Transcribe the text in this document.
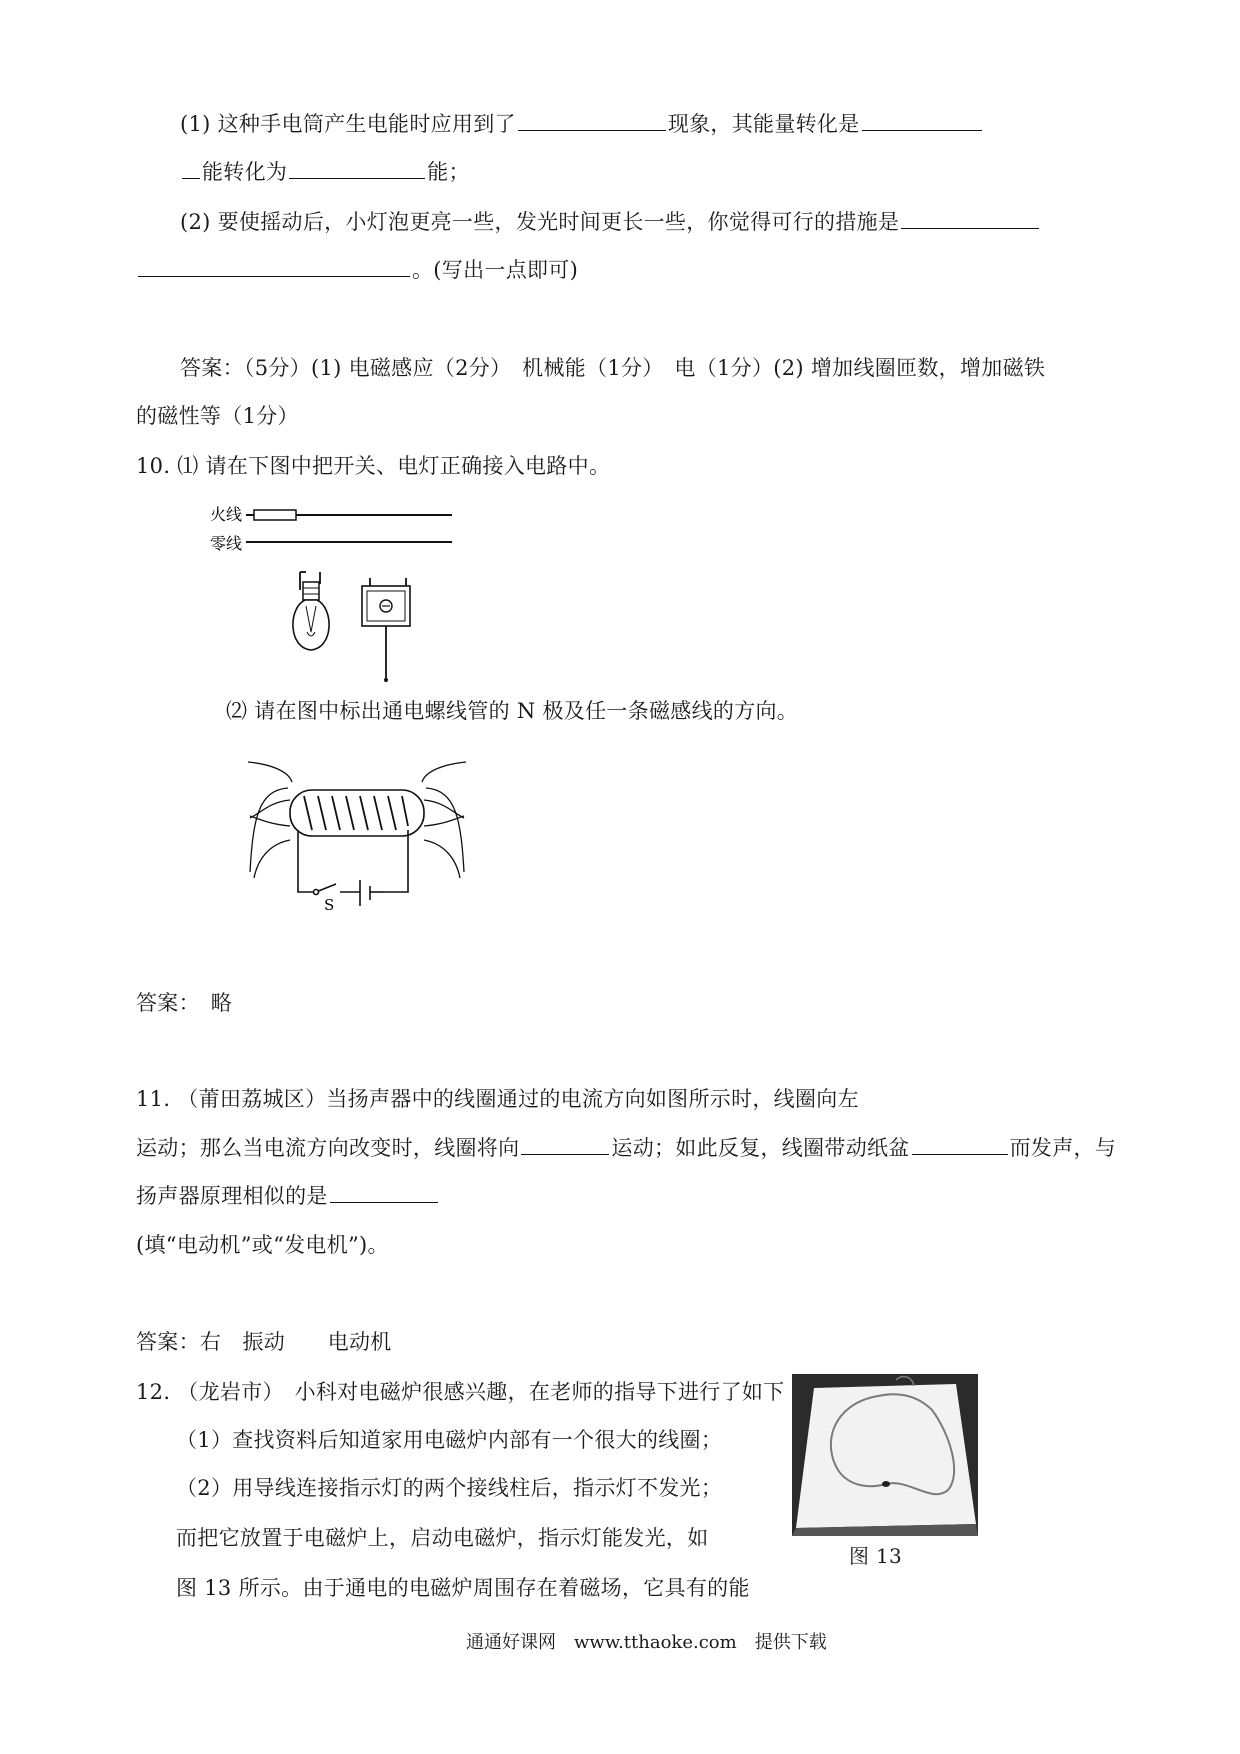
(1) 这种手电筒产生电能时应用到了	现象，其能量转化是
能转化为	能；
(2) 要使摇动后，小灯泡更亮一些，发光时间更长一些，你觉得可行的措施是
。(写出一点即可)
答案：（5分）(1) 电磁感应（2分）　机械能（1分）　电（1分）(2) 增加线圈匝数，增加磁铁
的磁性等（1分）
10. ⑴ 请在下图中把开关、电灯正确接入电路中。
火线
零线
⑵ 请在图中标出通电螺线管的 N 极及任一条磁感线的方向。
S
答案：　略
11. （莆田荔城区）当扬声器中的线圈通过的电流方向如图所示时，线圈向左
运动；那么当电流方向改变时，线圈将向	运动；如此反复，线圈带动纸盆	而发声，与
扬声器原理相似的是
(填“电动机”或“发电机”)。
答案：右　振动　　电动机
图 13
12. （龙岩市）　小科对电磁炉很感兴趣，在老师的指导下进行了如下
（1）查找资料后知道家用电磁炉内部有一个很大的线圈；
（2）用导线连接指示灯的两个接线柱后，指示灯不发光；
而把它放置于电磁炉上，启动电磁炉，指示灯能发光，如
图 13 所示。由于通电的电磁炉周围存在着磁场，它具有的能
通通好课网　www.tthaoke.com　提供下载
